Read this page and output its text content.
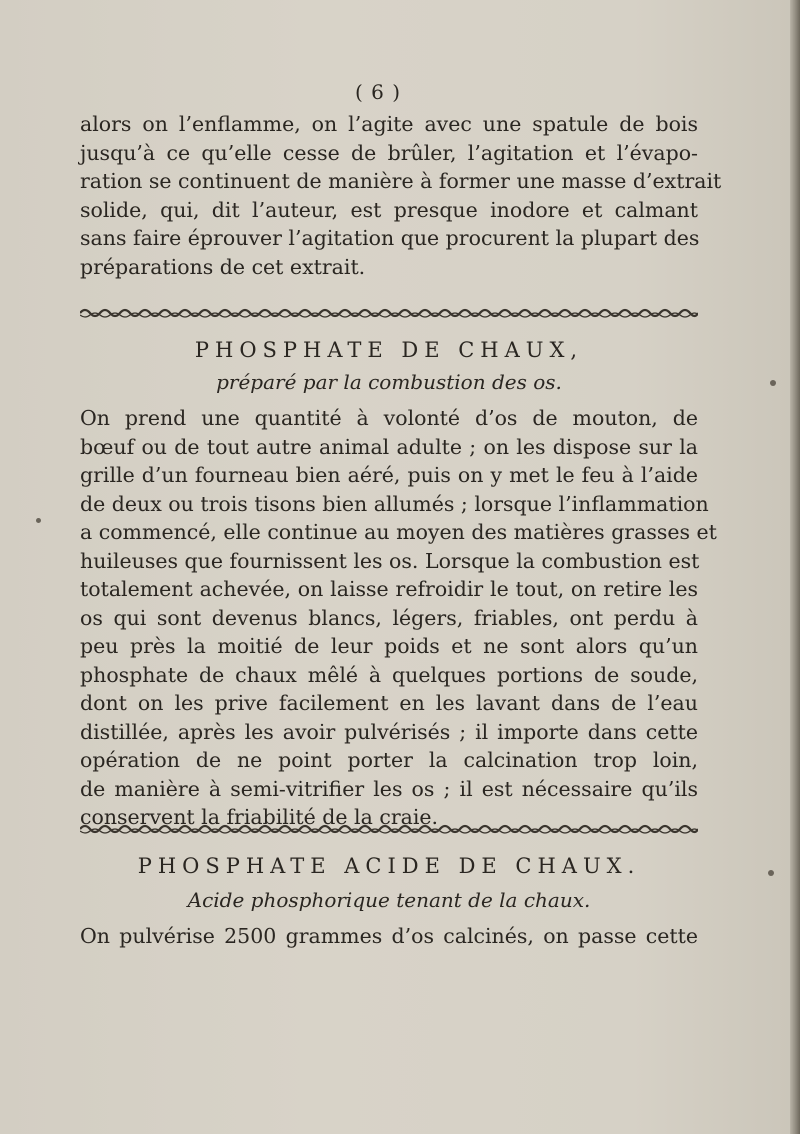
( 6 )

alors on l’enflamme, on l’agite avec une spatule de bois
jusqu’à ce qu’elle cesse de brûler, l’agitation et l’évapo-
ration se continuent de manière à former une masse d’extrait
solide, qui, dit l’auteur, est presque inodore et calmant
sans faire éprouver l’agitation que procurent la plupart des
préparations de cet extrait.

PHOSPHATE DE CHAUX,
préparé par la combustion des os.

On prend une quantité à volonté d’os de mouton, de
bœuf ou de tout autre animal adulte ; on les dispose sur la
grille d’un fourneau bien aéré, puis on y met le feu à l’aide
de deux ou trois tisons bien allumés ; lorsque l’inflammation
a commencé, elle continue au moyen des matières grasses et
huileuses que fournissent les os. Lorsque la combustion est
totalement achevée, on laisse refroidir le tout, on retire les
os qui sont devenus blancs, légers, friables, ont perdu à
peu près la moitié de leur poids et ne sont alors qu’un
phosphate de chaux mêlé à quelques portions de soude,
dont on les prive facilement en les lavant dans de l’eau
distillée, après les avoir pulvérisés ; il importe dans cette
opération de ne point porter la calcination trop loin,
de manière à semi-vitrifier les os ; il est nécessaire qu’ils
conservent la friabilité de la craie.

PHOSPHATE ACIDE DE CHAUX.
Acide phosphorique tenant de la chaux.

On pulvérise 2500 grammes d’os calcinés, on passe cette
